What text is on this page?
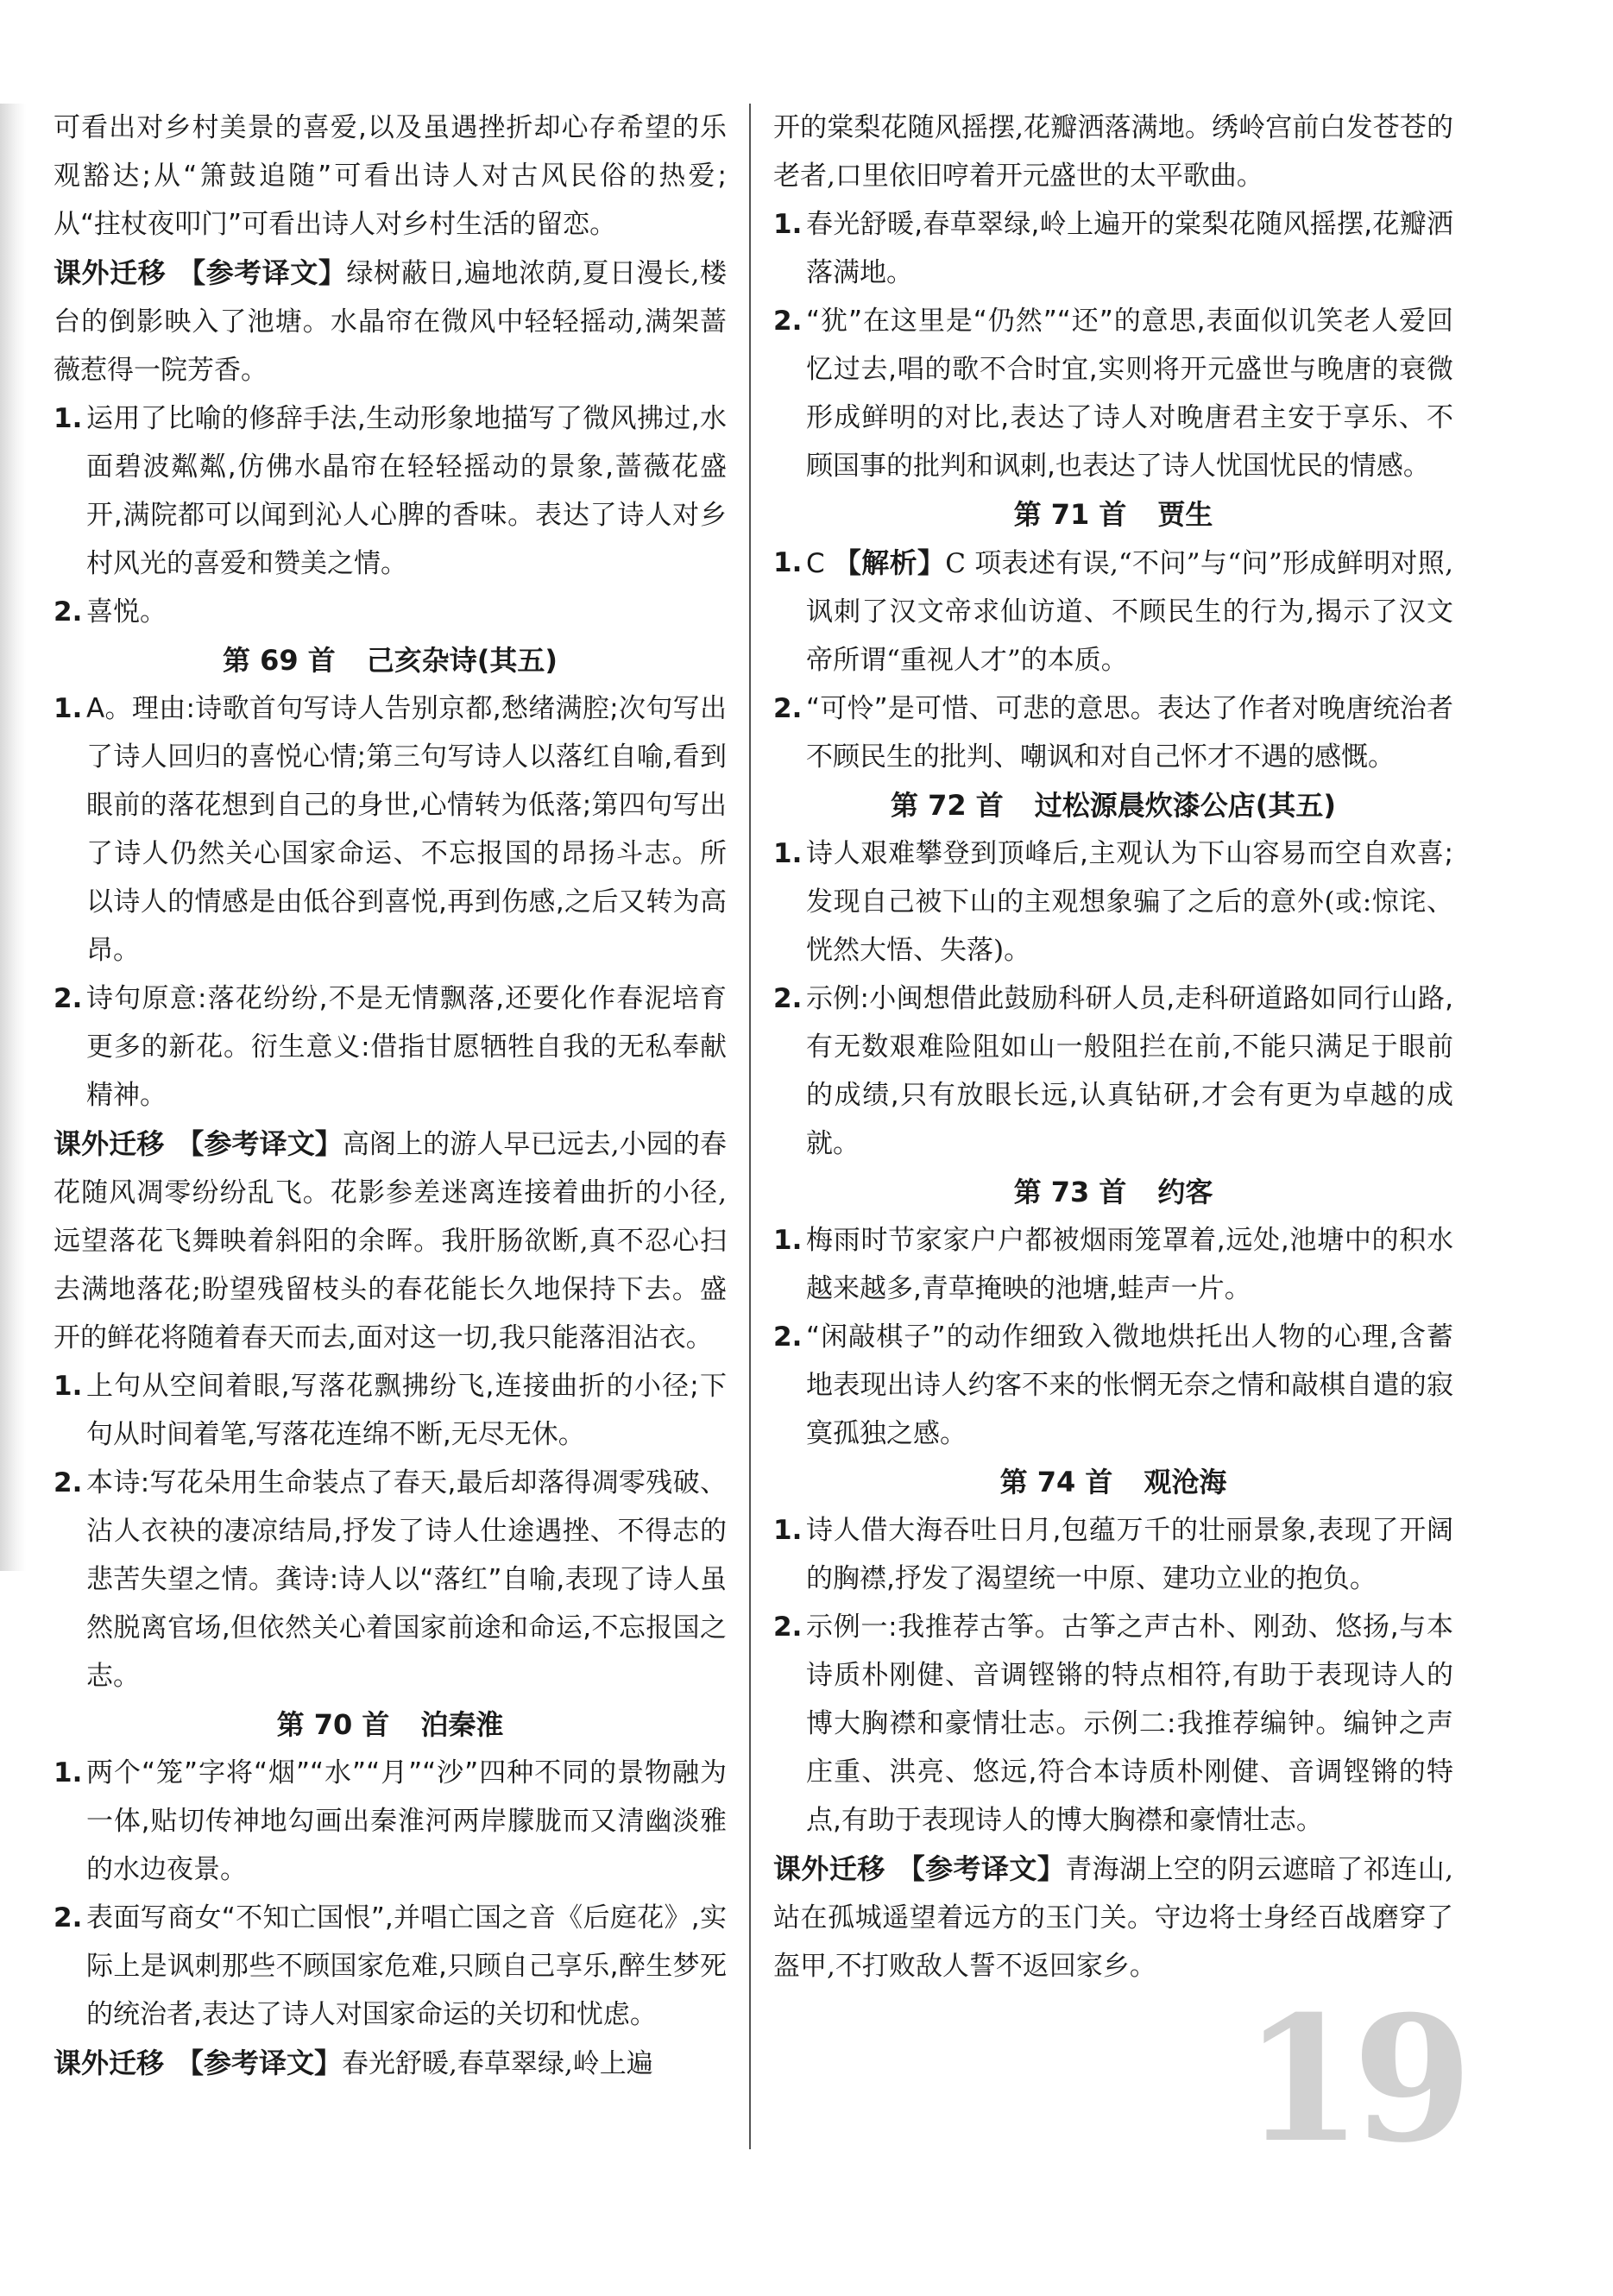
可看出对乡村美景的喜爱,以及虽遇挫折却心存希望的乐观豁达;从“箫鼓追随”可看出诗人对古风民俗的热爱;从“拄杖夜叩门”可看出诗人对乡村生活的留恋。

课外迁移 【参考译文】绿树蔽日,遍地浓荫,夏日漫长,楼台的倒影映入了池塘。水晶帘在微风中轻轻摇动,满架蔷薇惹得一院芳香。

1. 运用了比喻的修辞手法,生动形象地描写了微风拂过,水面碧波粼粼,仿佛水晶帘在轻轻摇动的景象,蔷薇花盛开,满院都可以闻到沁人心脾的香味。表达了诗人对乡村风光的喜爱和赞美之情。
2. 喜悦。
第 69 首 己亥杂诗(其五)
1. A。理由:诗歌首句写诗人告别京都,愁绪满腔;次句写出了诗人回归的喜悦心情;第三句写诗人以落红自喻,看到眼前的落花想到自己的身世,心情转为低落;第四句写出了诗人仍然关心国家命运、不忘报国的昂扬斗志。所以诗人的情感是由低谷到喜悦,再到伤感,之后又转为高昂。
2. 诗句原意:落花纷纷,不是无情飘落,还要化作春泥培育更多的新花。衍生意义:借指甘愿牺牲自我的无私奉献精神。

课外迁移 【参考译文】高阁上的游人早已远去,小园的春花随风凋零纷纷乱飞。花影参差迷离连接着曲折的小径,远望落花飞舞映着斜阳的余晖。我肝肠欲断,真不忍心扫去满地落花;盼望残留枝头的春花能长久地保持下去。盛开的鲜花将随着春天而去,面对这一切,我只能落泪沾衣。

1. 上句从空间着眼,写落花飘拂纷飞,连接曲折的小径;下句从时间着笔,写落花连绵不断,无尽无休。
2. 本诗:写花朵用生命装点了春天,最后却落得凋零残破、沾人衣袂的凄凉结局,抒发了诗人仕途遇挫、不得志的悲苦失望之情。龚诗:诗人以“落红”自喻,表现了诗人虽然脱离官场,但依然关心着国家前途和命运,不忘报国之志。
第 70 首 泊秦淮
1. 两个“笼”字将“烟”“水”“月”“沙”四种不同的景物融为一体,贴切传神地勾画出秦淮河两岸朦胧而又清幽淡雅的水边夜景。
2. 表面写商女“不知亡国恨”,并唱亡国之音《后庭花》,实际上是讽刺那些不顾国家危难,只顾自己享乐,醉生梦死的统治者,表达了诗人对国家命运的关切和忧虑。

课外迁移 【参考译文】春光舒暖,春草翠绿,岭上遍

开的棠梨花随风摇摆,花瓣洒落满地。绣岭宫前白发苍苍的老者,口里依旧哼着开元盛世的太平歌曲。

1. 春光舒暖,春草翠绿,岭上遍开的棠梨花随风摇摆,花瓣洒落满地。
2. “犹”在这里是“仍然”“还”的意思,表面似讥笑老人爱回忆过去,唱的歌不合时宜,实则将开元盛世与晚唐的衰微形成鲜明的对比,表达了诗人对晚唐君主安于享乐、不顾国事的批判和讽刺,也表达了诗人忧国忧民的情感。
第 71 首 贾生
1. C 【解析】C 项表述有误,“不问”与“问”形成鲜明对照,讽刺了汉文帝求仙访道、不顾民生的行为,揭示了汉文帝所谓“重视人才”的本质。
2. “可怜”是可惜、可悲的意思。表达了作者对晚唐统治者不顾民生的批判、嘲讽和对自己怀才不遇的感慨。
第 72 首 过松源晨炊漆公店(其五)
1. 诗人艰难攀登到顶峰后,主观认为下山容易而空自欢喜;发现自己被下山的主观想象骗了之后的意外(或:惊诧、恍然大悟、失落)。
2. 示例:小闽想借此鼓励科研人员,走科研道路如同行山路,有无数艰难险阻如山一般阻拦在前,不能只满足于眼前的成绩,只有放眼长远,认真钻研,才会有更为卓越的成就。
第 73 首 约客
1. 梅雨时节家家户户都被烟雨笼罩着,远处,池塘中的积水越来越多,青草掩映的池塘,蛙声一片。
2. “闲敲棋子”的动作细致入微地烘托出人物的心理,含蓄地表现出诗人约客不来的怅惘无奈之情和敲棋自遣的寂寞孤独之感。
第 74 首 观沧海
1. 诗人借大海吞吐日月,包蕴万千的壮丽景象,表现了开阔的胸襟,抒发了渴望统一中原、建功立业的抱负。
2. 示例一:我推荐古筝。古筝之声古朴、刚劲、悠扬,与本诗质朴刚健、音调铿锵的特点相符,有助于表现诗人的博大胸襟和豪情壮志。示例二:我推荐编钟。编钟之声庄重、洪亮、悠远,符合本诗质朴刚健、音调铿锵的特点,有助于表现诗人的博大胸襟和豪情壮志。

课外迁移 【参考译文】青海湖上空的阴云遮暗了祁连山,站在孤城遥望着远方的玉门关。守边将士身经百战磨穿了盔甲,不打败敌人誓不返回家乡。

19
